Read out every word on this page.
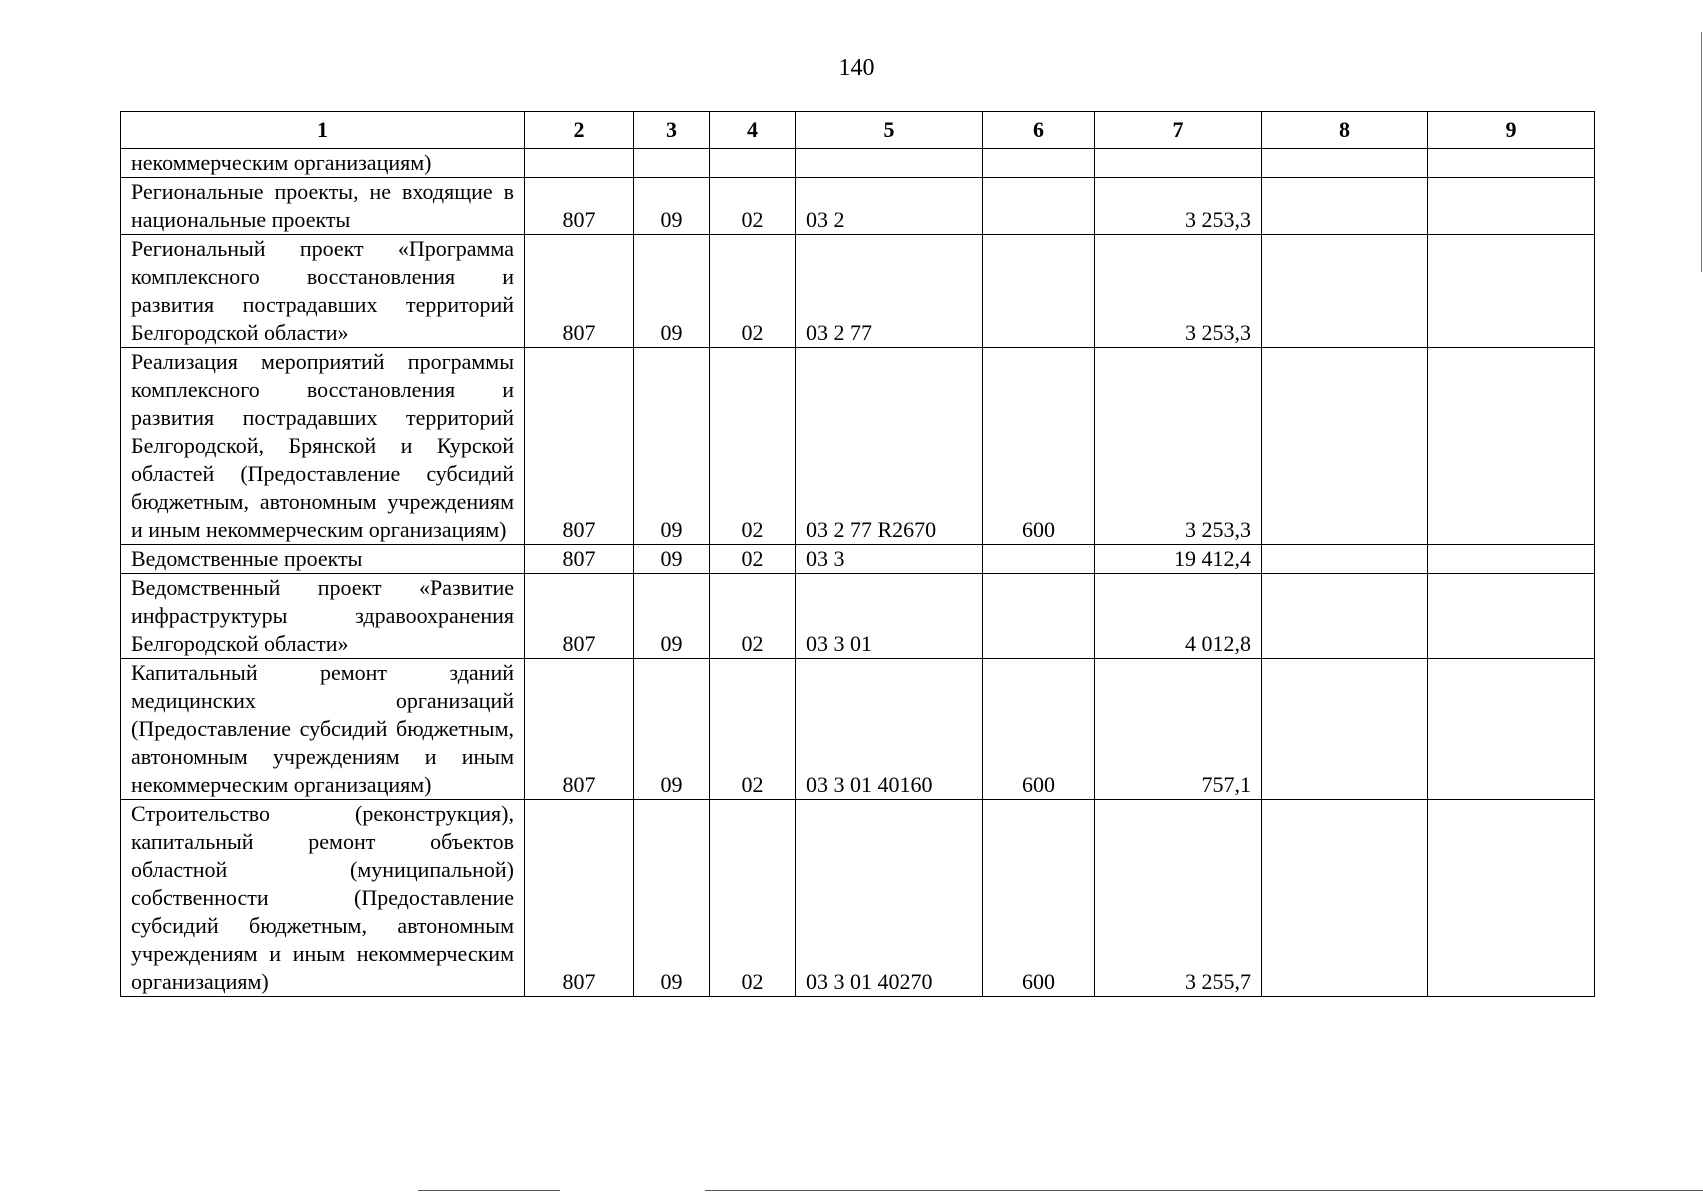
140
1	2	3	4	5	6	7	8	9
некоммерческим организациям)								
Региональные проекты, не входящие в национальные проекты	807	09	02	03 2		3 253,3		
Региональный проект «Программа комплексного восстановления и развития пострадавших территорий Белгородской области»	807	09	02	03 2 77		3 253,3		
Реализация мероприятий программы комплексного восстановления и развития пострадавших территорий Белгородской, Брянской и Курской областей (Предоставление субсидий бюджетным, автономным учреждениям и иным некоммерческим организациям)	807	09	02	03 2 77 R2670	600	3 253,3		
Ведомственные проекты	807	09	02	03 3		19 412,4		
Ведомственный проект «Развитие инфраструктуры здравоохранения Белгородской области»	807	09	02	03 3 01		4 012,8		
Капитальный ремонт зданий медицинских организаций (Предоставление субсидий бюджетным, автономным учреждениям и иным некоммерческим организациям)	807	09	02	03 3 01 40160	600	757,1		
Строительство (реконструкция), капитальный ремонт объектов областной (муниципальной) собственности (Предоставление субсидий бюджетным, автономным учреждениям и иным некоммерческим организациям)	807	09	02	03 3 01 40270	600	3 255,7		
